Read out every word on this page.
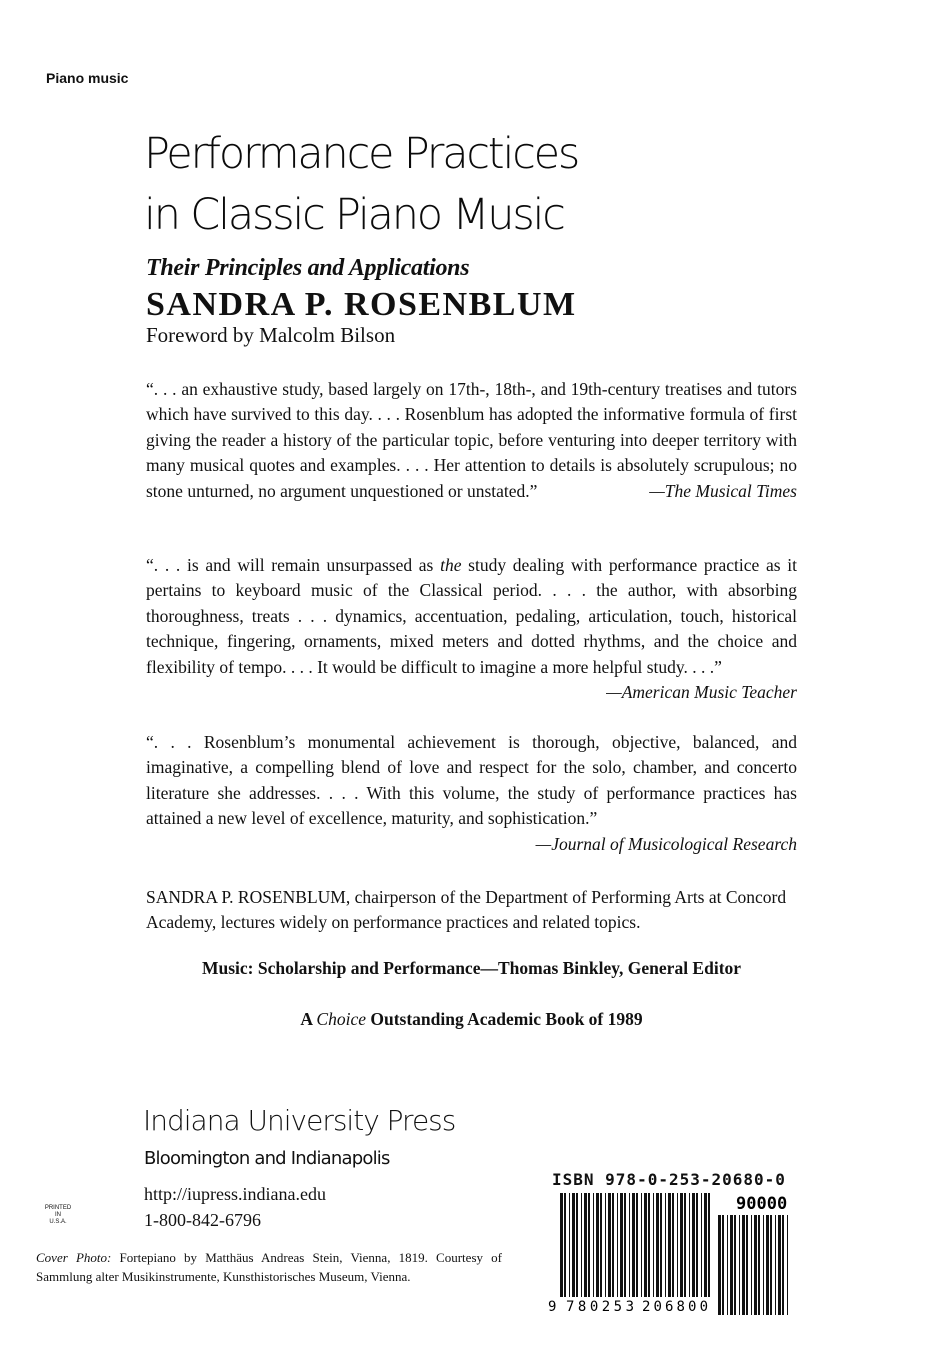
Piano music
Performance Practices
in Classic Piano Music
Their Principles and Applications
SANDRA P. ROSENBLUM
Foreword by Malcolm Bilson

“. . . an exhaustive study, based largely on 17th-, 18th-, and 19th-century treatises and tutors which have survived to this day. . . . Rosenblum has adopted the informative formula of first giving the reader a history of the particular topic, before venturing into deeper territory with many musical quotes and examples. . . . Her attention to details is absolutely scrupulous; no stone unturned, no argument unquestioned or unstated.”	—The Musical Times

“. . . is and will remain unsurpassed as the study dealing with performance practice as it pertains to keyboard music of the Classical period. . . . the author, with absorbing thoroughness, treats . . . dynamics, accentuation, pedaling, articulation, touch, historical technique, fingering, ornaments, mixed meters and dotted rhythms, and the choice and flexibility of tempo. . . . It would be difficult to imagine a more helpful study. . . .”
—American Music Teacher

“. . . Rosenblum’s monumental achievement is thorough, objective, balanced, and imaginative, a compelling blend of love and respect for the solo, chamber, and concerto literature she addresses. . . . With this volume, the study of performance practices has attained a new level of excellence, maturity, and sophistication.”

—Journal of Musicological Research
SANDRA P. ROSENBLUM, chairperson of the Department of Performing Arts at Concord Academy, lectures widely on performance practices and related topics.
Music: Scholarship and Performance—Thomas Binkley, General Editor
A Choice Outstanding Academic Book of 1989
Indiana University Press
Bloomington and Indianapolis
http://iupress.indiana.edu
1-800-842-6796
PRINTED
IN
U.S.A.
Cover Photo: Fortepiano by Matthäus Andreas Stein, Vienna, 1819. Courtesy of Sammlung alter Musikinstrumente, Kunsthistorisches Museum, Vienna.
ISBN 978-0-253-20680-0
90000
9 780253 206800
